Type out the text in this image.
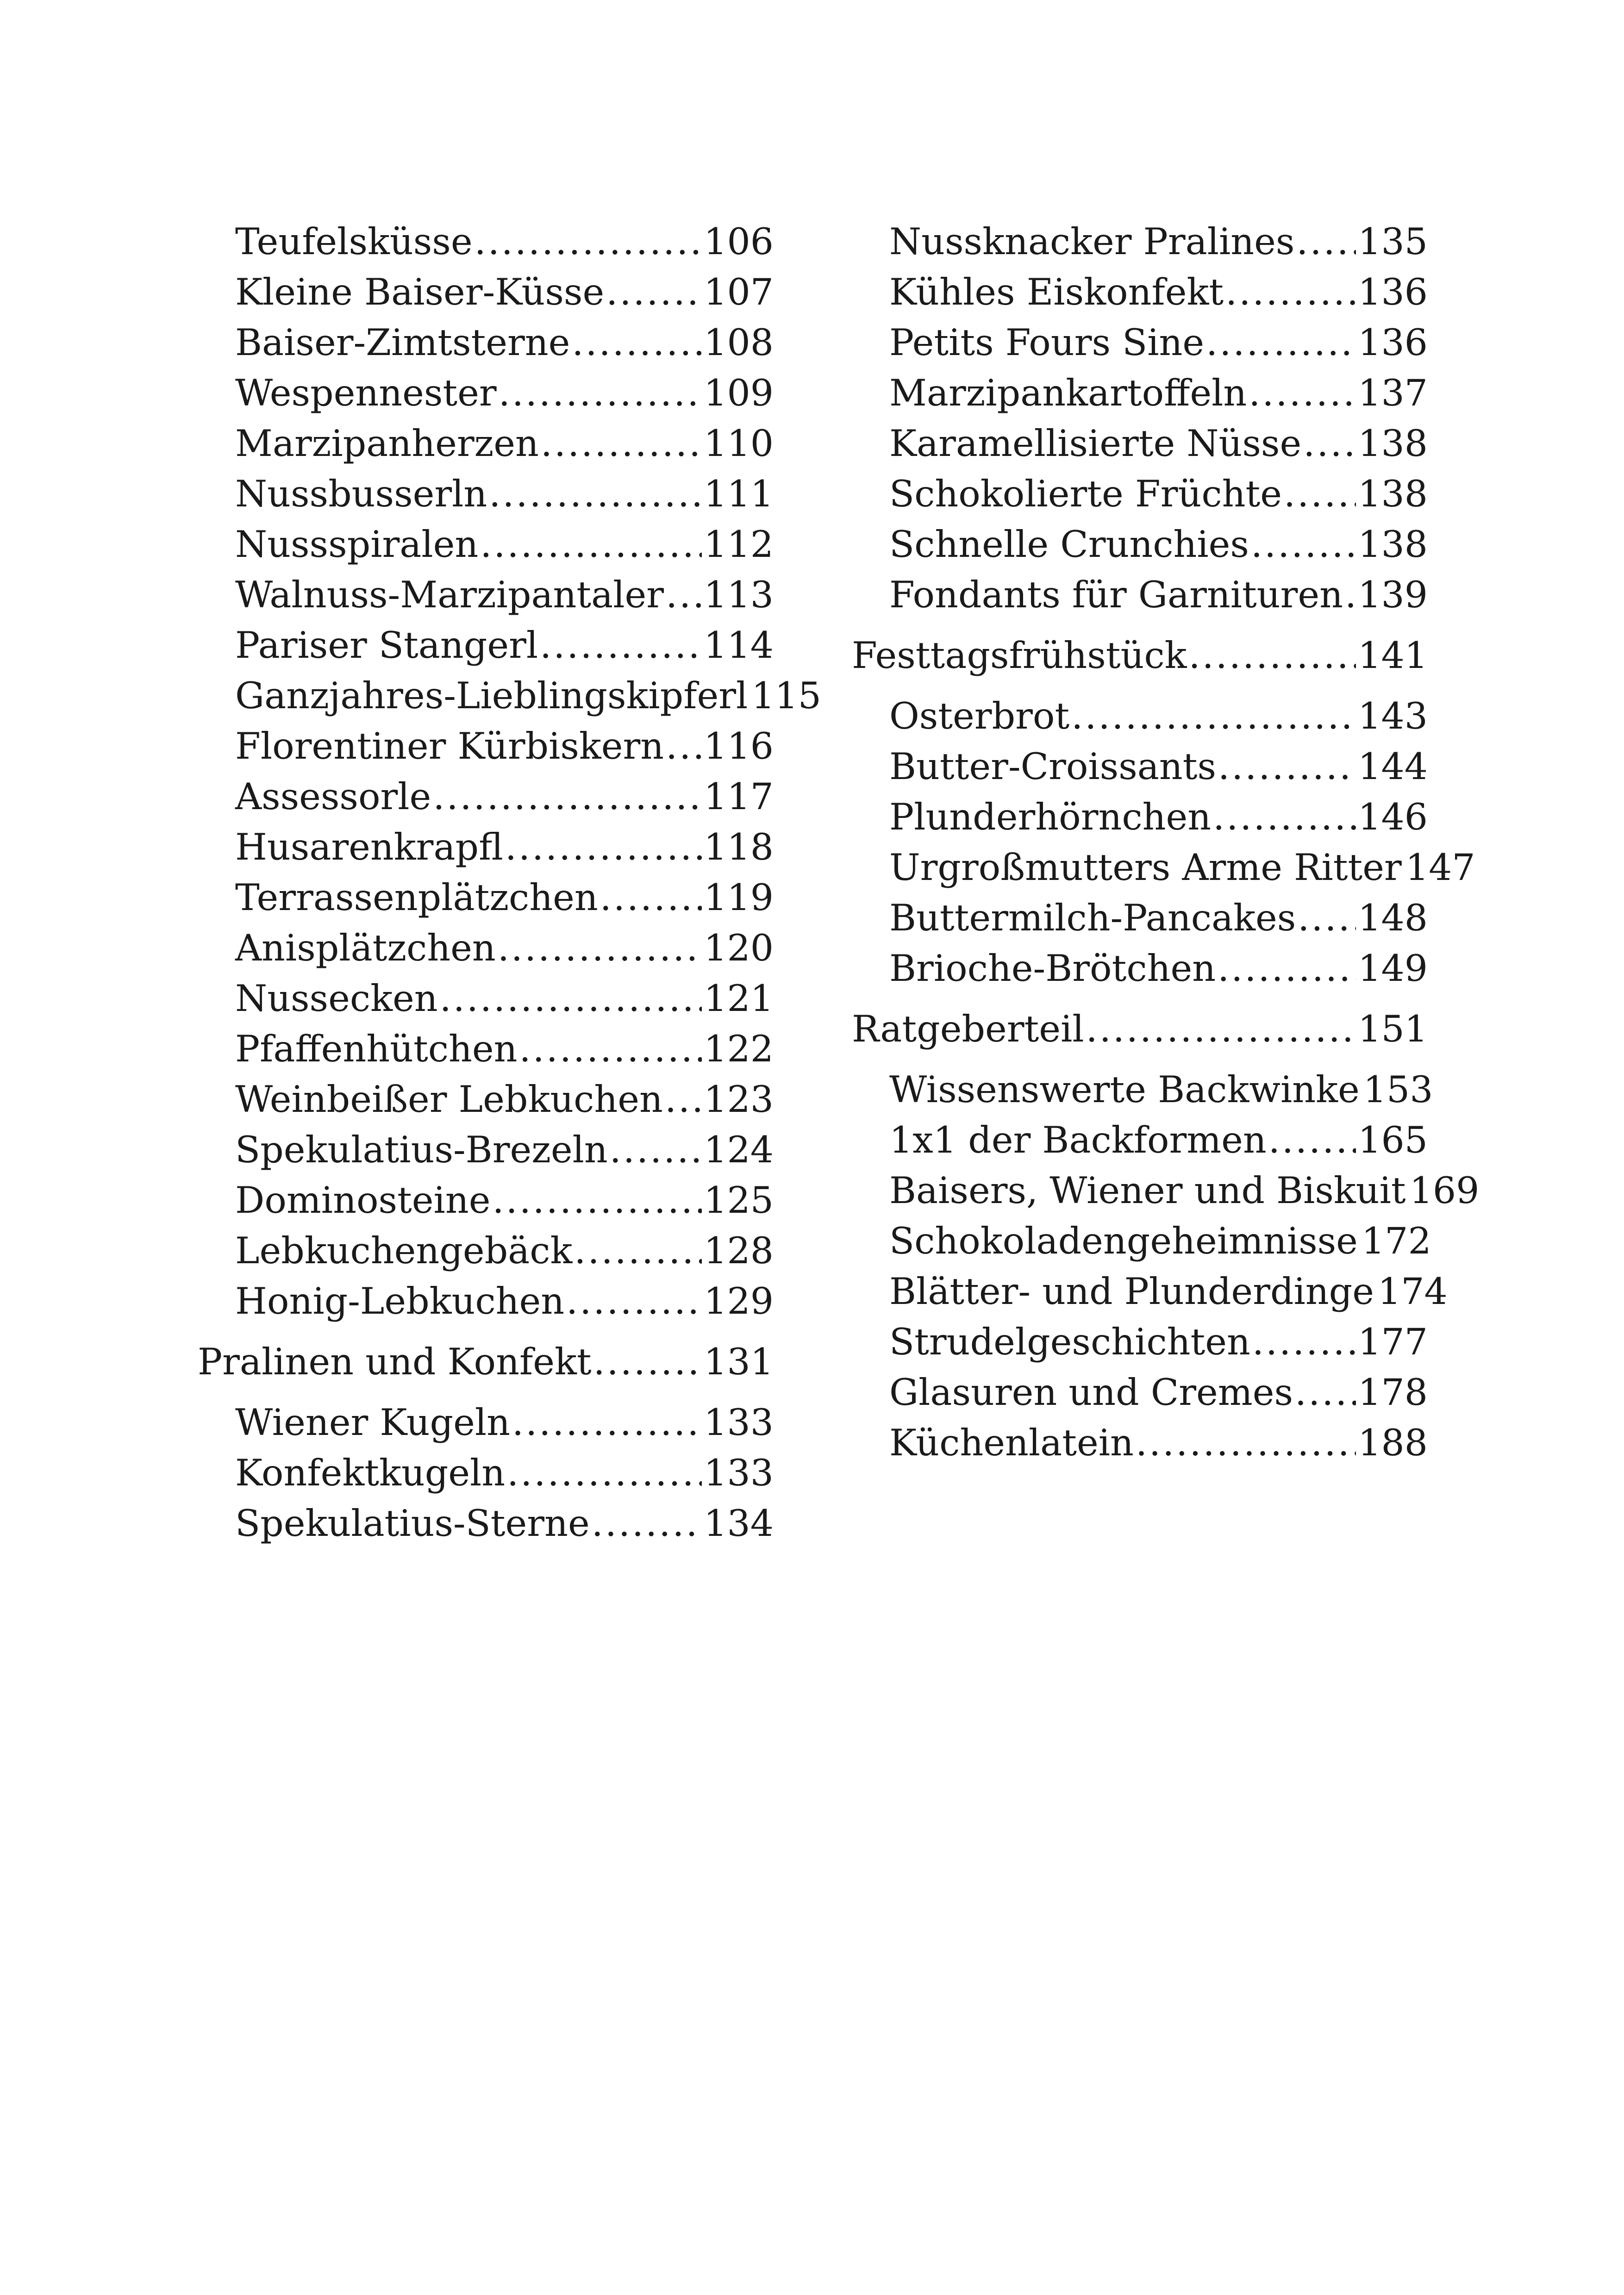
Teufelsküsse .....	106
Kleine Baiser-Küsse .....	107
Baiser-Zimtsterne .....	108
Wespennester .....	109
Marzipanherzen .....	110
Nussbusserln .....	111
Nussspiralen .....	112
Walnuss-Marzipantaler ..... 113
Pariser Stangerl .....	114
Ganzjahres-Lieblingskipferl 115
Florentiner Kürbiskern ..... 116
Assessorle .....	117
Husarenkrapfl .....	118
Terrassenplätzchen .....	119
Anisplätzchen .....	120
Nussecken .....	121
Pfaffenhütchen .....	122
Weinbeißer Lebkuchen ..... 123
Spekulatius-Brezeln .....	124
Dominosteine .....	125
Lebkuchengebäck .....	128
Honig-Lebkuchen .....	129
Pralinen und Konfekt .....	131
Wiener Kugeln .....	133
Konfektkugeln .....	133
Spekulatius-Sterne .....	134
Nussknacker Pralines ..... 135
Kühles Eiskonfekt .....	136
Petits Fours Sine .....	136
Marzipankartoffeln .....	137
Karamellisierte Nüsse ..... 138
Schokolierte Früchte ..... 138
Schnelle Crunchies .....	138
Fondants für Garnituren ..... 139
Festtagsfrühstück .....	141
Osterbrot .....	143
Butter-Croissants .....	144
Plunderhörnchen .....	146
Urgroßmutters Arme Ritter 147
Buttermilch-Pancakes ..... 148
Brioche-Brötchen .....	149
Ratgeberteil .....	151
Wissenswerte Backwinke 153
1x1 der Backformen ..... 165
Baisers, Wiener und Biskuit 169
Schokoladengeheimnisse 172
Blätter- und Plunderdinge 174
Strudelgeschichten .....	177
Glasuren und Cremes ..... 178
Küchenlatein .....	188
